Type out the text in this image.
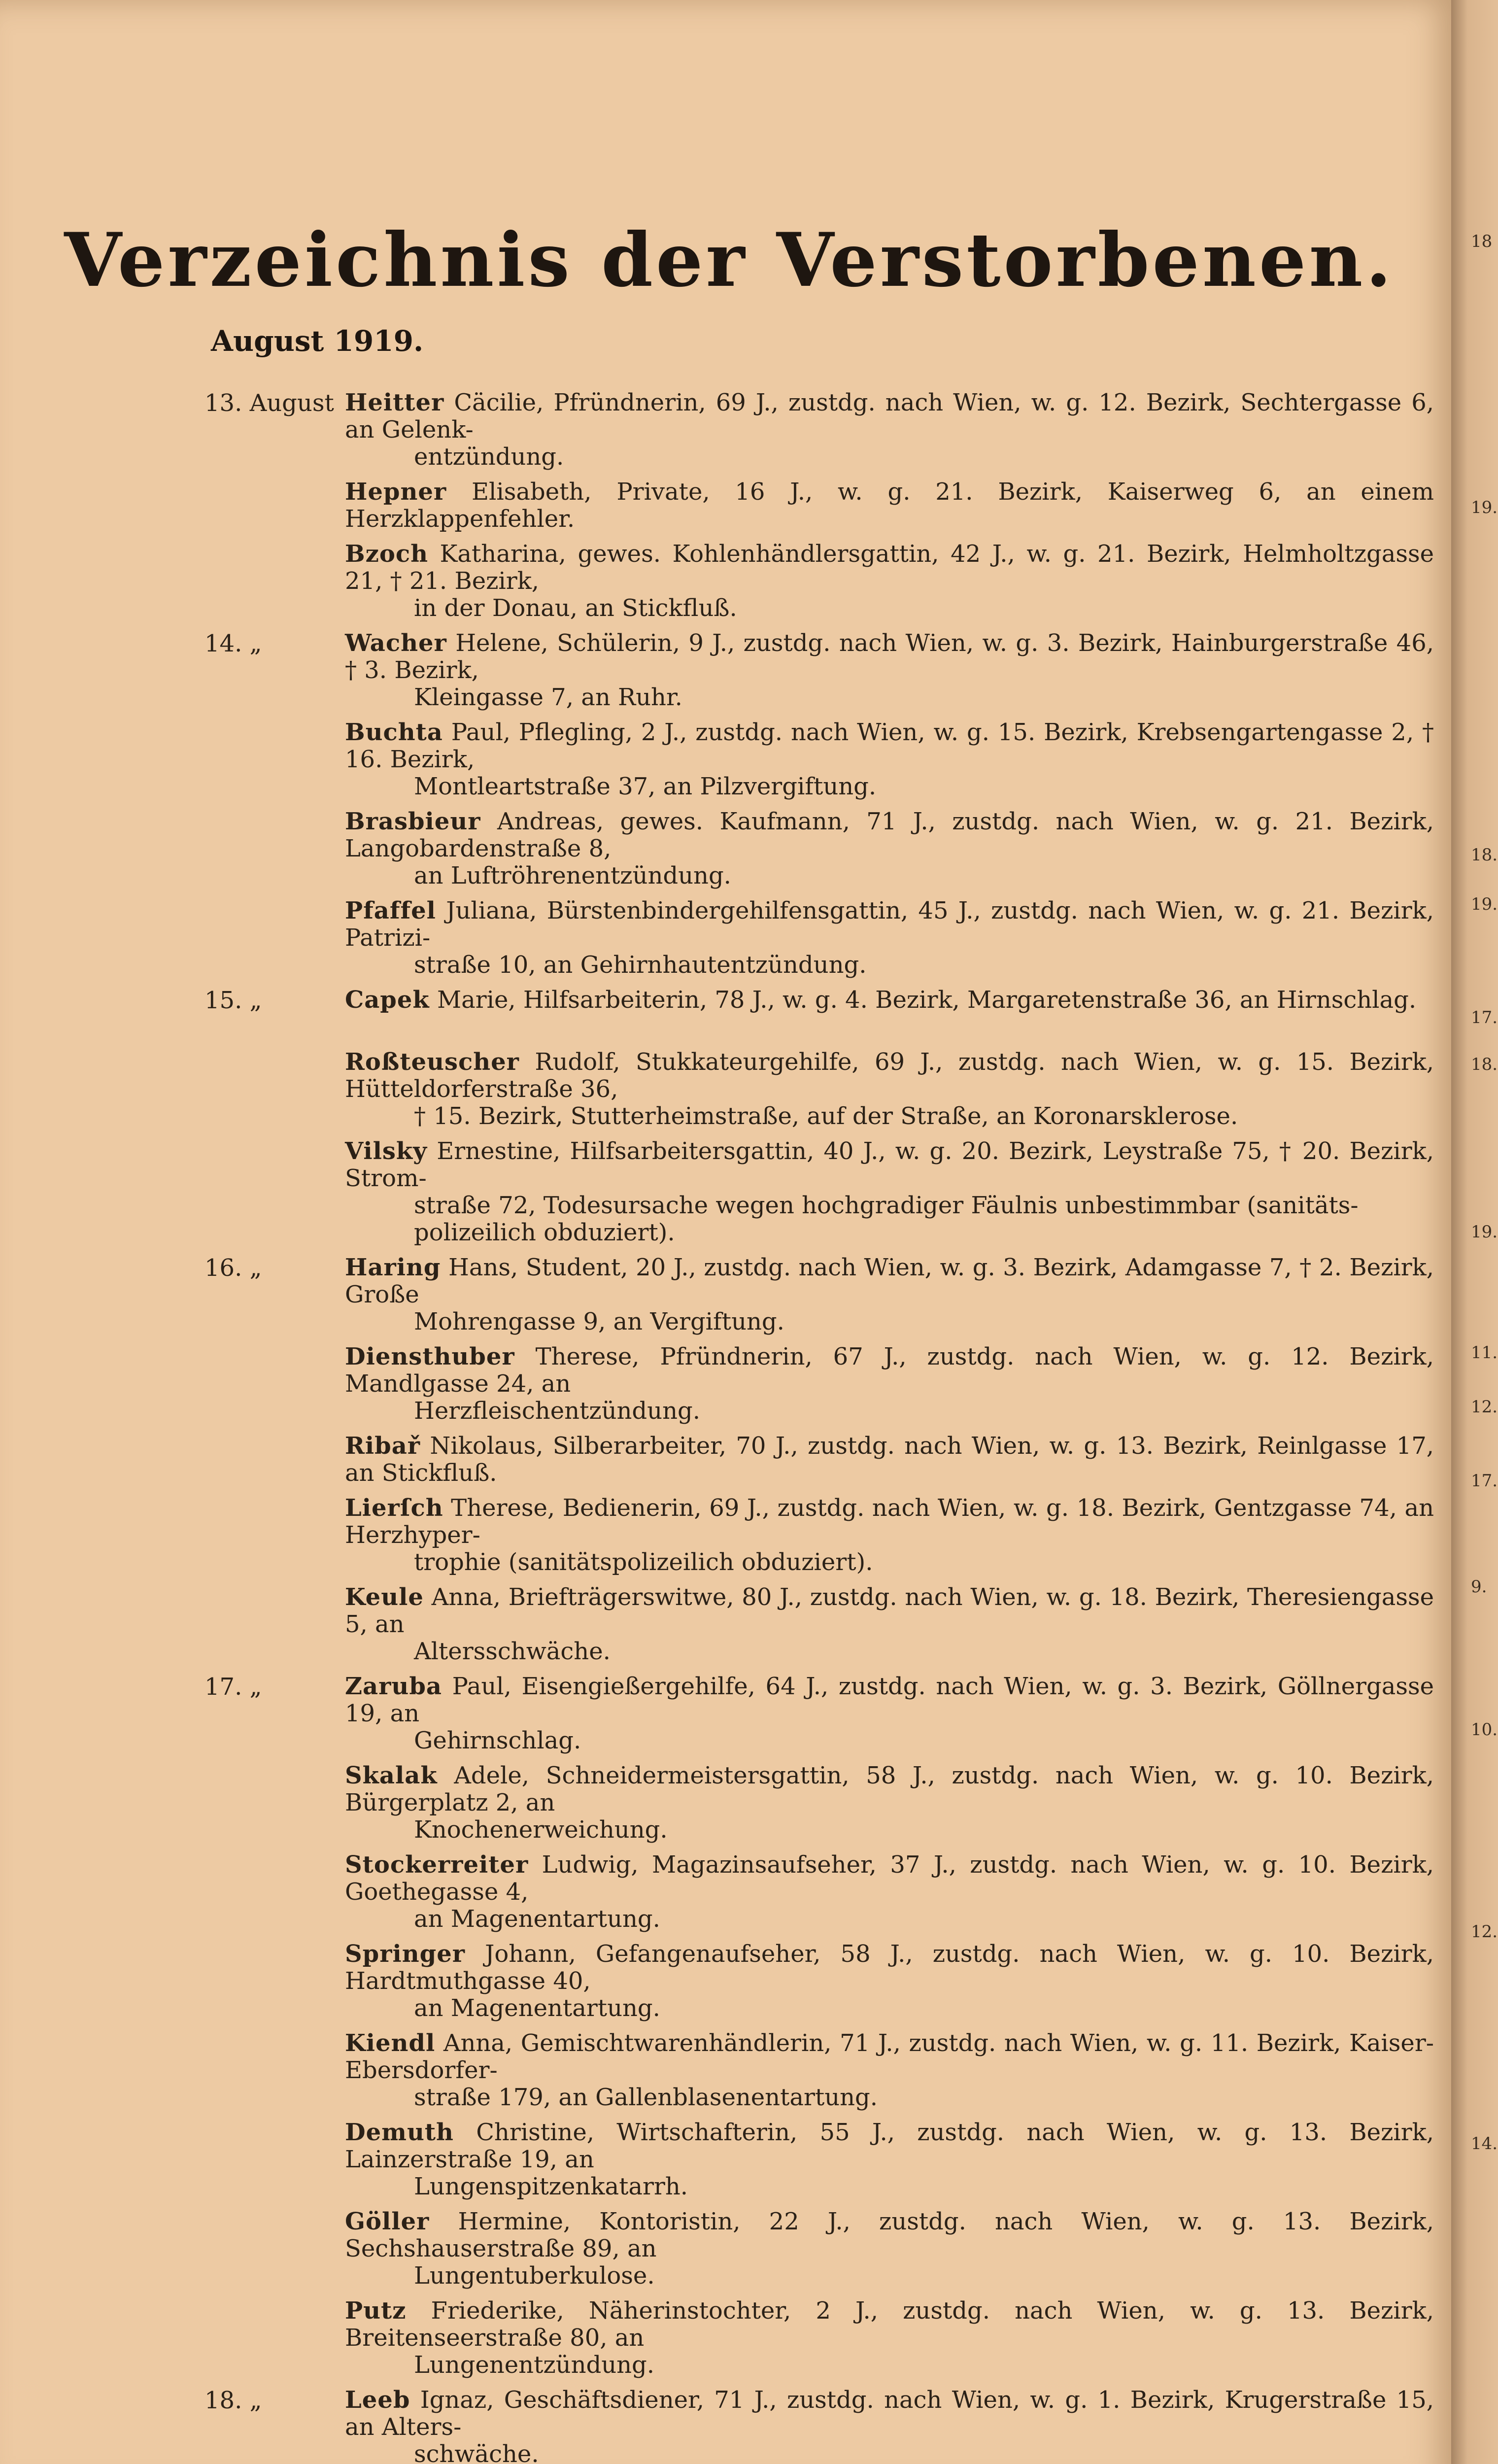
Verzeichnis der Verstorbenen.
August 1919.
13. August Heitter Cäcilie, Pfründnerin, 69 J., zustdg. nach Wien, w. g. 12. Bezirk, Sechtergasse 6, an Gelenk-
entzündung.
Hepner Elisabeth, Private, 16 J., w. g. 21. Bezirk, Kaiserweg 6, an einem Herzklappenfehler.
Bzoch Katharina, gewes. Kohlenhändlersgattin, 42 J., w. g. 21. Bezirk, Helmholtzgasse 21, † 21. Bezirk,
in der Donau, an Stickfluß.
14. „	Wacher Helene, Schülerin, 9 J., zustdg. nach Wien, w. g. 3. Bezirk, Hainburgerstraße 46, † 3. Bezirk,
Kleingasse 7, an Ruhr.
Buchta Paul, Pflegling, 2 J., zustdg. nach Wien, w. g. 15. Bezirk, Krebsengartengasse 2, † 16. Bezirk,
Montleartstraße 37, an Pilzvergiftung.
Brasbieur Andreas, gewes. Kaufmann, 71 J., zustdg. nach Wien, w. g. 21. Bezirk, Langobardenstraße 8,
an Luftröhrenentzündung.
Pfaffel Juliana, Bürstenbindergehilfensgattin, 45 J., zustdg. nach Wien, w. g. 21. Bezirk, Patrizi-
straße 10, an Gehirnhautentzündung.
15. „	Capek Marie, Hilfsarbeiterin, 78 J., w. g. 4. Bezirk, Margaretenstraße 36, an Hirnschlag.
Roßteuscher Rudolf, Stukkateurgehilfe, 69 J., zustdg. nach Wien, w. g. 15. Bezirk, Hütteldorferstraße 36,
† 15. Bezirk, Stutterheimstraße, auf der Straße, an Koronarsklerose.
Vilsky Ernestine, Hilfsarbeitersgattin, 40 J., w. g. 20. Bezirk, Leystraße 75, † 20. Bezirk, Strom-
straße 72, Todesursache wegen hochgradiger Fäulnis unbestimmbar (sanitäts-
polizeilich obduziert).
16. „	Haring Hans, Student, 20 J., zustdg. nach Wien, w. g. 3. Bezirk, Adamgasse 7, † 2. Bezirk, Große
Mohrengasse 9, an Vergiftung.
Diensthuber Therese, Pfründnerin, 67 J., zustdg. nach Wien, w. g. 12. Bezirk, Mandlgasse 24, an
Herzfleischentzündung.
Ribař Nikolaus, Silberarbeiter, 70 J., zustdg. nach Wien, w. g. 13. Bezirk, Reinlgasse 17, an Stickfluß.
Lierſch Therese, Bedienerin, 69 J., zustdg. nach Wien, w. g. 18. Bezirk, Gentzgasse 74, an Herzhyper-
trophie (sanitätspolizeilich obduziert).
Keule Anna, Briefträgerswitwe, 80 J., zustdg. nach Wien, w. g. 18. Bezirk, Theresiengasse 5, an
Altersschwäche.
17. „	Zaruba Paul, Eisengießergehilfe, 64 J., zustdg. nach Wien, w. g. 3. Bezirk, Göllnergasse 19, an
Gehirnschlag.
Skalak Adele, Schneidermeistersgattin, 58 J., zustdg. nach Wien, w. g. 10. Bezirk, Bürgerplatz 2, an
Knochenerweichung.
Stockerreiter Ludwig, Magazinsaufseher, 37 J., zustdg. nach Wien, w. g. 10. Bezirk, Goethegasse 4,
an Magenentartung.
Springer Johann, Gefangenaufseher, 58 J., zustdg. nach Wien, w. g. 10. Bezirk, Hardtmuthgasse 40,
an Magenentartung.
Kiendl Anna, Gemischtwarenhändlerin, 71 J., zustdg. nach Wien, w. g. 11. Bezirk, Kaiser-Ebersdorfer-
straße 179, an Gallenblasenentartung.
Demuth Christine, Wirtschafterin, 55 J., zustdg. nach Wien, w. g. 13. Bezirk, Lainzerstraße 19, an
Lungenspitzenkatarrh.
Göller Hermine, Kontoristin, 22 J., zustdg. nach Wien, w. g. 13. Bezirk, Sechshauserstraße 89, an
Lungentuberkulose.
Putz Friederike, Näherinstochter, 2 J., zustdg. nach Wien, w. g. 13. Bezirk, Breitenseerstraße 80, an
Lungenentzündung.
18. „	Leeb Ignaz, Geschäftsdiener, 71 J., zustdg. nach Wien, w. g. 1. Bezirk, Krugerstraße 15, an Alters-
schwäche.
18
19.
18.
19.
17.
18.
19.
11.
12.
17.
9.
10.
12.
14.
